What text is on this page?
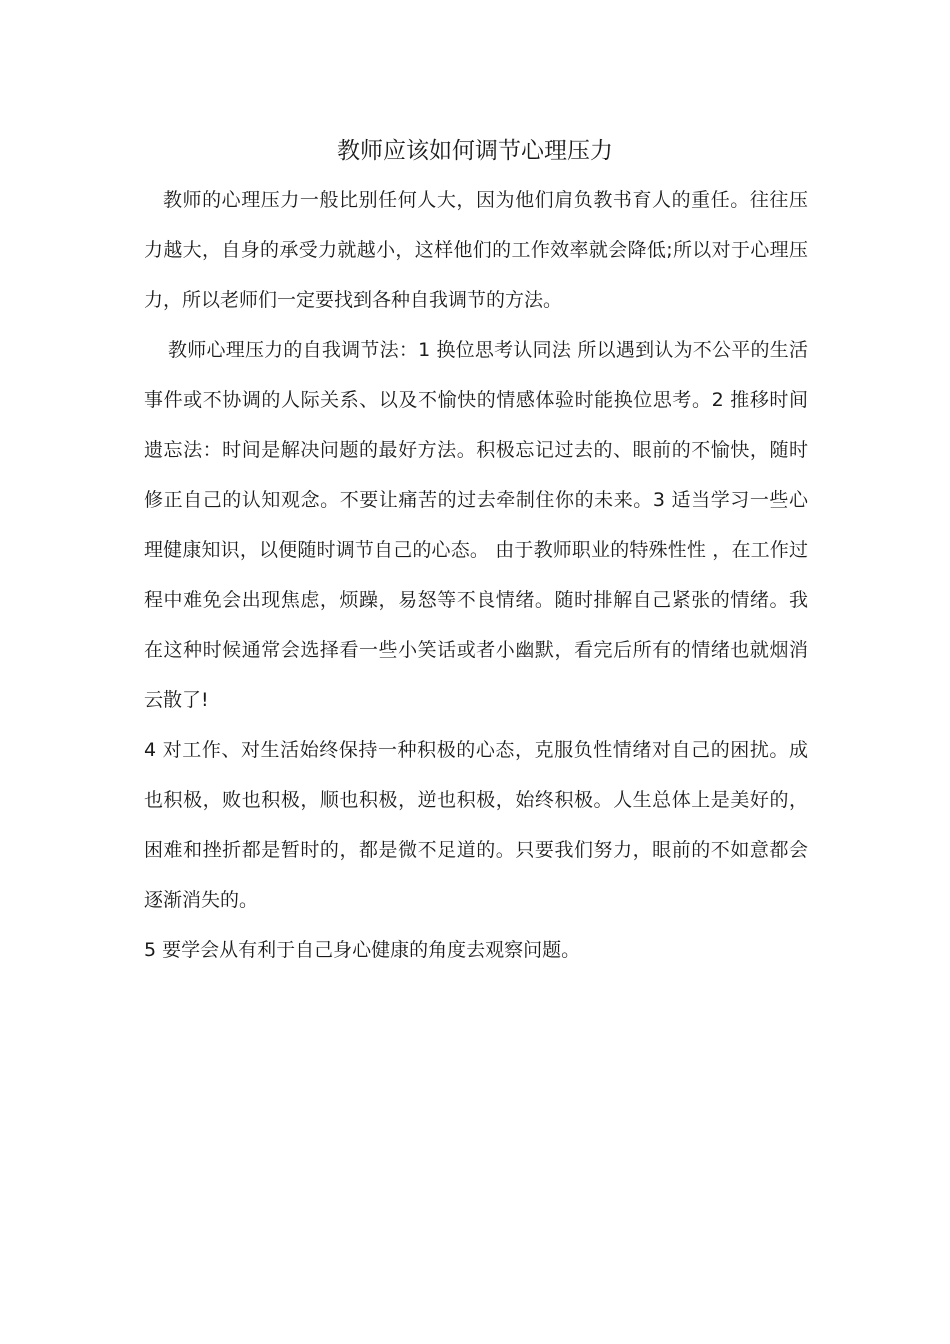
教师应该如何调节心理压力

教师的心理压力一般比别任何人大，因为他们肩负教书育人的重任。往往压力越大，自身的承受力就越小，这样他们的工作效率就会降低;所以对于心理压力，所以老师们一定要找到各种自我调节的方法。

教师心理压力的自我调节法：1 换位思考认同法 所以遇到认为不公平的生活事件或不协调的人际关系、以及不愉快的情感体验时能换位思考。2 推移时间遗忘法：时间是解决问题的最好方法。积极忘记过去的、眼前的不愉快，随时修正自己的认知观念。不要让痛苦的过去牵制住你的未来。3 适当学习一些心理健康知识，以便随时调节自己的心态。 由于教师职业的特殊性性 ，在工作过程中难免会出现焦虑，烦躁，易怒等不良情绪。随时排解自己紧张的情绪。我在这种时候通常会选择看一些小笑话或者小幽默，看完后所有的情绪也就烟消云散了!

4 对工作、对生活始终保持一种积极的心态，克服负性情绪对自己的困扰。成也积极，败也积极，顺也积极，逆也积极，始终积极。人生总体上是美好的，困难和挫折都是暂时的，都是微不足道的。只要我们努力，眼前的不如意都会逐渐消失的。

5 要学会从有利于自己身心健康的角度去观察问题。
